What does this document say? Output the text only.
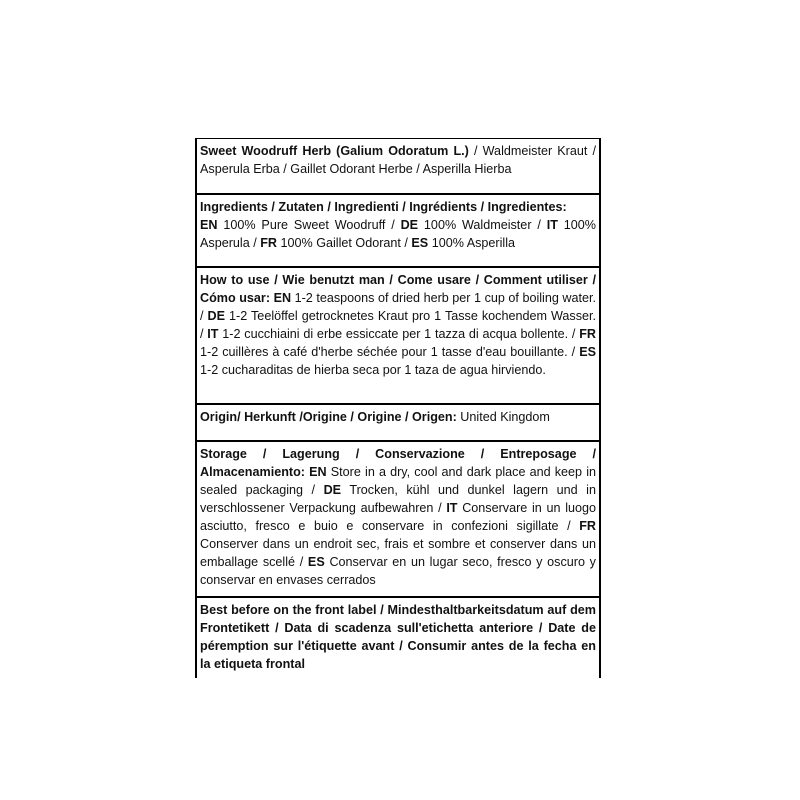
Sweet Woodruff Herb (Galium Odoratum L.) / Waldmeister Kraut / Asperula Erba / Gaillet Odorant Herbe / Asperilla Hierba
Ingredients / Zutaten / Ingredienti / Ingrédients / Ingredientes:
EN 100% Pure Sweet Woodruff / DE 100% Waldmeister / IT 100% Asperula / FR 100% Gaillet Odorant / ES 100% Asperilla
How to use / Wie benutzt man / Come usare / Comment utiliser / Cómo usar: EN 1-2 teaspoons of dried herb per 1 cup of boiling water. / DE 1-2 Teelöffel getrocknetes Kraut pro 1 Tasse kochendem Wasser. / IT 1-2 cucchiaini di erbe essiccate per 1 tazza di acqua bollente. / FR 1-2 cuillères à café d'herbe séchée pour 1 tasse d'eau bouillante. / ES 1-2 cucharaditas de hierba seca por 1 taza de agua hirviendo.
Origin/ Herkunft /Origine / Origine / Origen: United Kingdom
Storage / Lagerung / Conservazione / Entreposage / Almacenamiento: EN Store in a dry, cool and dark place and keep in sealed packaging / DE Trocken, kühl und dunkel lagern und in verschlossener Verpackung aufbewahren / IT Conservare in un luogo asciutto, fresco e buio e conservare in confezioni sigillate / FR Conserver dans un endroit sec, frais et sombre et conserver dans un emballage scellé / ES Conservar en un lugar seco, fresco y oscuro y conservar en envases cerrados
Best before on the front label / Mindesthaltbarkeitsdatum auf dem Frontetikett / Data di scadenza sull'etichetta anteriore / Date de péremption sur l'étiquette avant / Consumir antes de la fecha en la etiqueta frontal
